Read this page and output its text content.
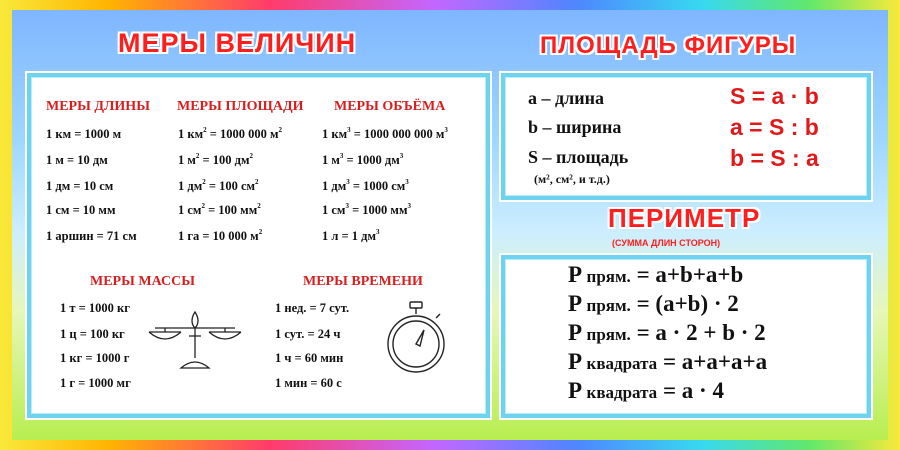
МЕРЫ ВЕЛИЧИН	ПЛОЩАДЬ ФИГУРЫ
ПЕРИМЕТР
(СУММА ДЛИН СТОРОН)
МЕРЫ ДЛИНЫ
1 км = 1000 м
1 м = 10 дм
1 дм = 10 см
1 см = 10 мм
1 аршин = 71 см
МЕРЫ ПЛОЩАДИ
1 $км^2 = 1000$ 000 $м^2$
1 $м^2 = 100$ $дм^2$
1 $дм^2 = 100$ $см^2$
1 $см^2 = 100$ $мм^2$
1 га = 10 000 $м^2$
МЕРЫ ОБЪЁМА
1 $км^3 = 1000$ 000 000 $м^3$
1 $м^3 = 1000$ $дм^3$
1 $дм^3 = 1000$ $см^3$
1 $см^3 = 1000$ $мм^3$
1 л = 1 $дм^3$
МЕРЫ МАССЫ
1 т = 1000 кг
1 ц = 100 кг
1 кг = 1000 г
1 г = 1000 мг
МЕРЫ ВРЕМЕНИ
1 нед. = 7 сут.
1 сут. = 24 ч
1 ч = 60 мин
1 мин = 60 с
a – длина
b – ширина
S – площадь
(м², см², и т.д.)
S = a · b
a = S : b
b = S : a
P прям. = a+b+a+b
P прям. = (a+b) · 2
P прям. = a · 2 + b · 2
P квадрата = a+a+a+a
P квадрата = a · 4
